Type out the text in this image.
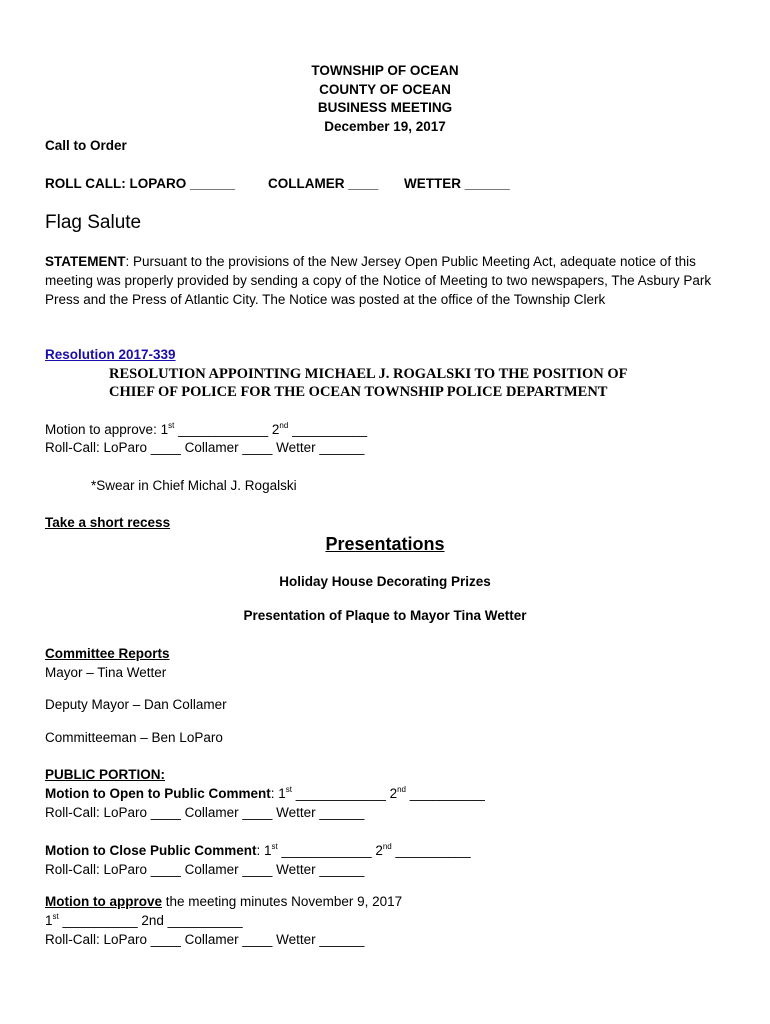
TOWNSHIP OF OCEAN
COUNTY OF OCEAN
BUSINESS MEETING
December 19, 2017
Call to Order
ROLL CALL: LOPARO ______ COLLAMER ____ WETTER ______
Flag Salute
STATEMENT: Pursuant to the provisions of the New Jersey Open Public Meeting Act, adequate notice of this meeting was properly provided by sending a copy of the Notice of Meeting to two newspapers, The Asbury Park Press and the Press of Atlantic City. The Notice was posted at the office of the Township Clerk
Resolution 2017-339
RESOLUTION APPOINTING MICHAEL J. ROGALSKI TO THE POSITION OF
CHIEF OF POLICE FOR THE OCEAN TOWNSHIP POLICE DEPARTMENT
Motion to approve: 1st ____________ 2nd __________
Roll-Call: LoParo ____ Collamer ____ Wetter ______
*Swear in Chief Michal J. Rogalski
Take a short recess
Presentations
Holiday House Decorating Prizes
Presentation of Plaque to Mayor Tina Wetter
Committee Reports
Mayor – Tina Wetter
Deputy Mayor – Dan Collamer
Committeeman – Ben LoParo
PUBLIC PORTION:
Motion to Open to Public Comment: 1st ____________ 2nd __________
Roll-Call: LoParo ____ Collamer ____ Wetter ______
Motion to Close Public Comment: 1st ____________ 2nd __________
Roll-Call: LoParo ____ Collamer ____ Wetter ______
Motion to approve the meeting minutes November 9, 2017
1st __________ 2nd __________
Roll-Call: LoParo ____ Collamer ____ Wetter ______
